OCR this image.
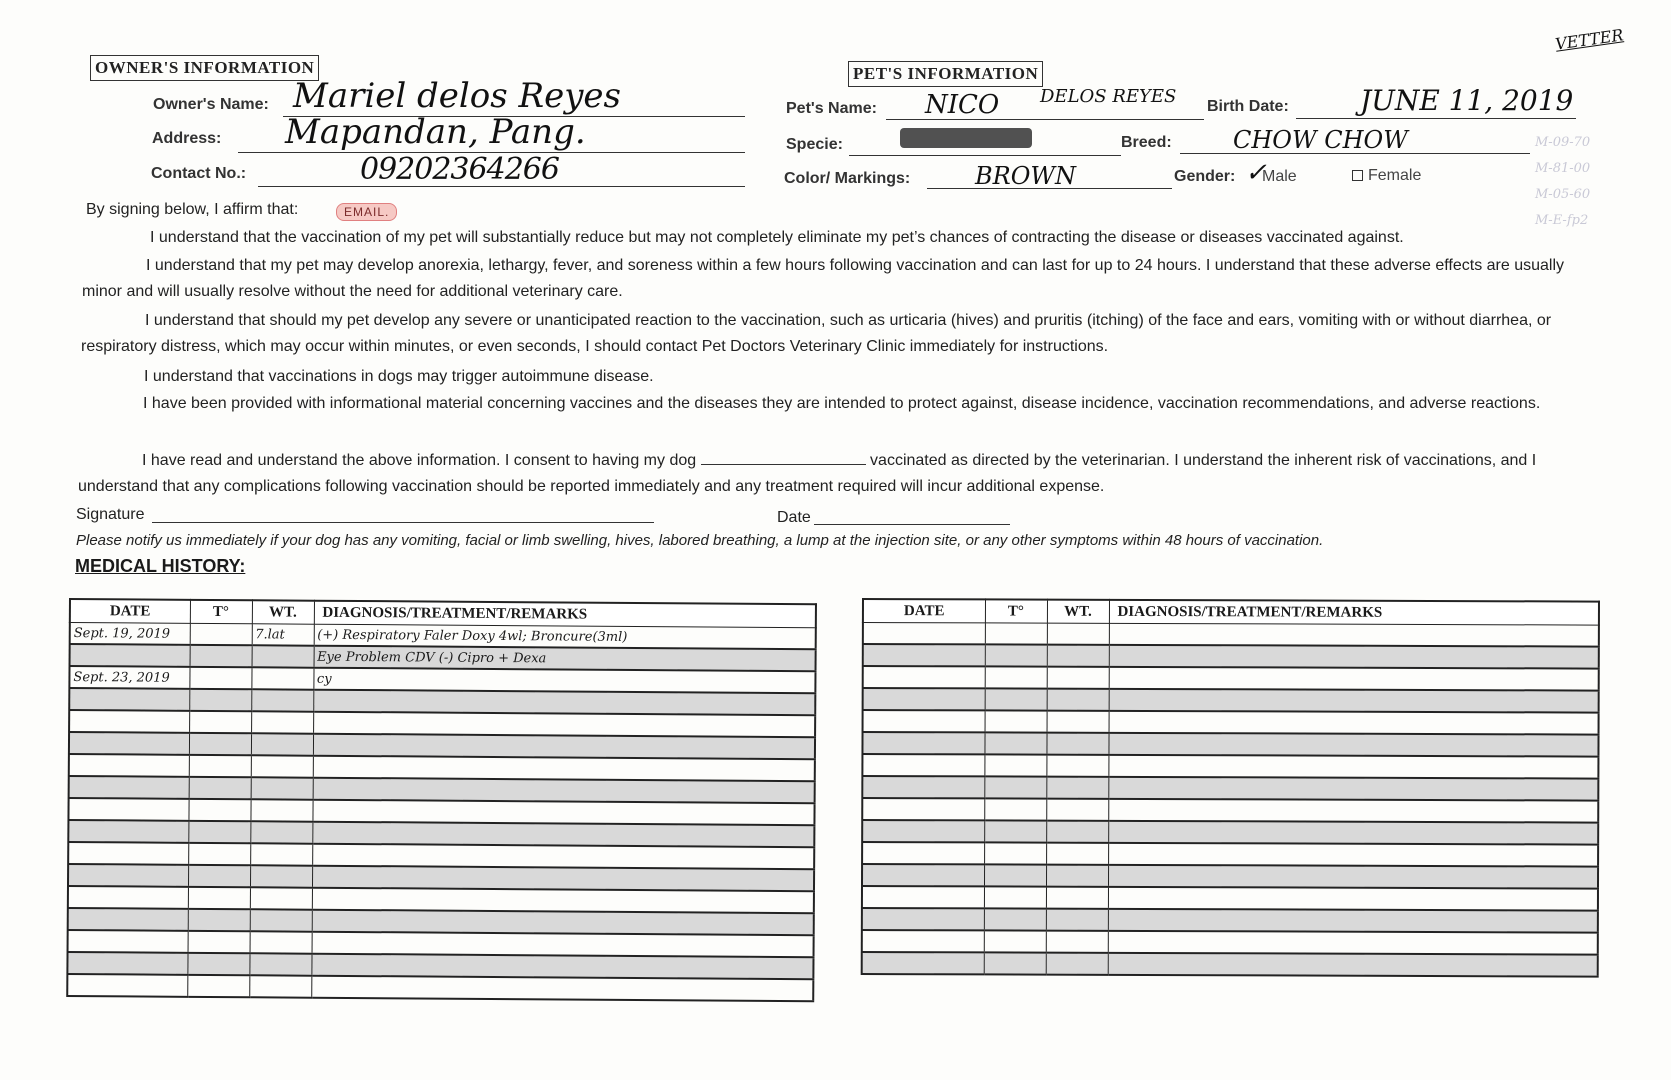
VETTER
M-09-70
M-81-00
M-05-60
M-E-fp2
OWNER'S INFORMATION
Owner's Name: Mariel delos Reyes
Address: Mapandan, Pang.
Contact No.:	09202364266
PET'S INFORMATION
Pet's Name: NICO DELOS REYES Birth Date:	JUNE 11, 2019
Specie:	Breed:	CHOW CHOW
Color/ Markings:	BROWN	Gender: ✓
Male	Female
By signing below, I affirm that:	EMAIL.
I understand that the vaccination of my pet will substantially reduce but may not completely eliminate my pet’s chances of contracting the disease or diseases vaccinated against.
I understand that my pet may develop anorexia, lethargy, fever, and soreness within a few hours following vaccination and can last for up to 24 hours. I understand that these adverse effects are usually minor and will usually resolve without the need for additional veterinary care.
I understand that should my pet develop any severe or unanticipated reaction to the vaccination, such as urticaria (hives) and pruritis (itching) of the face and ears, vomiting with or without diarrhea, or respiratory distress, which may occur within minutes, or even seconds, I should contact Pet Doctors Veterinary Clinic immediately for instructions.
I understand that vaccinations in dogs may trigger autoimmune disease.
I have been provided with informational material concerning vaccines and the diseases they are intended to protect against, disease incidence, vaccination recommendations, and adverse reactions.
I have read and understand the above information. I consent to having my dog	vaccinated as directed by the veterinarian. I understand the inherent risk of vaccinations, and I understand that any complications following vaccination should be reported immediately and any treatment required will incur additional expense.
Signature	Date
Please notify us immediately if your dog has any vomiting, facial or limb swelling, hives, labored breathing, a lump at the injection site, or any other symptoms within 48 hours of vaccination.
MEDICAL HISTORY:
DATE	T°	WT.	DIAGNOSIS/TREATMENT/REMARKS
Sept. 19, 2019		7.lat	(+) Respiratory Faler Doxy 4wl; Broncure(3ml)
			Eye Problem CDV (-) Cipro + Dexa
Sept. 23, 2019			cy

DATE	T°	WT.	DIAGNOSIS/TREATMENT/REMARKS
